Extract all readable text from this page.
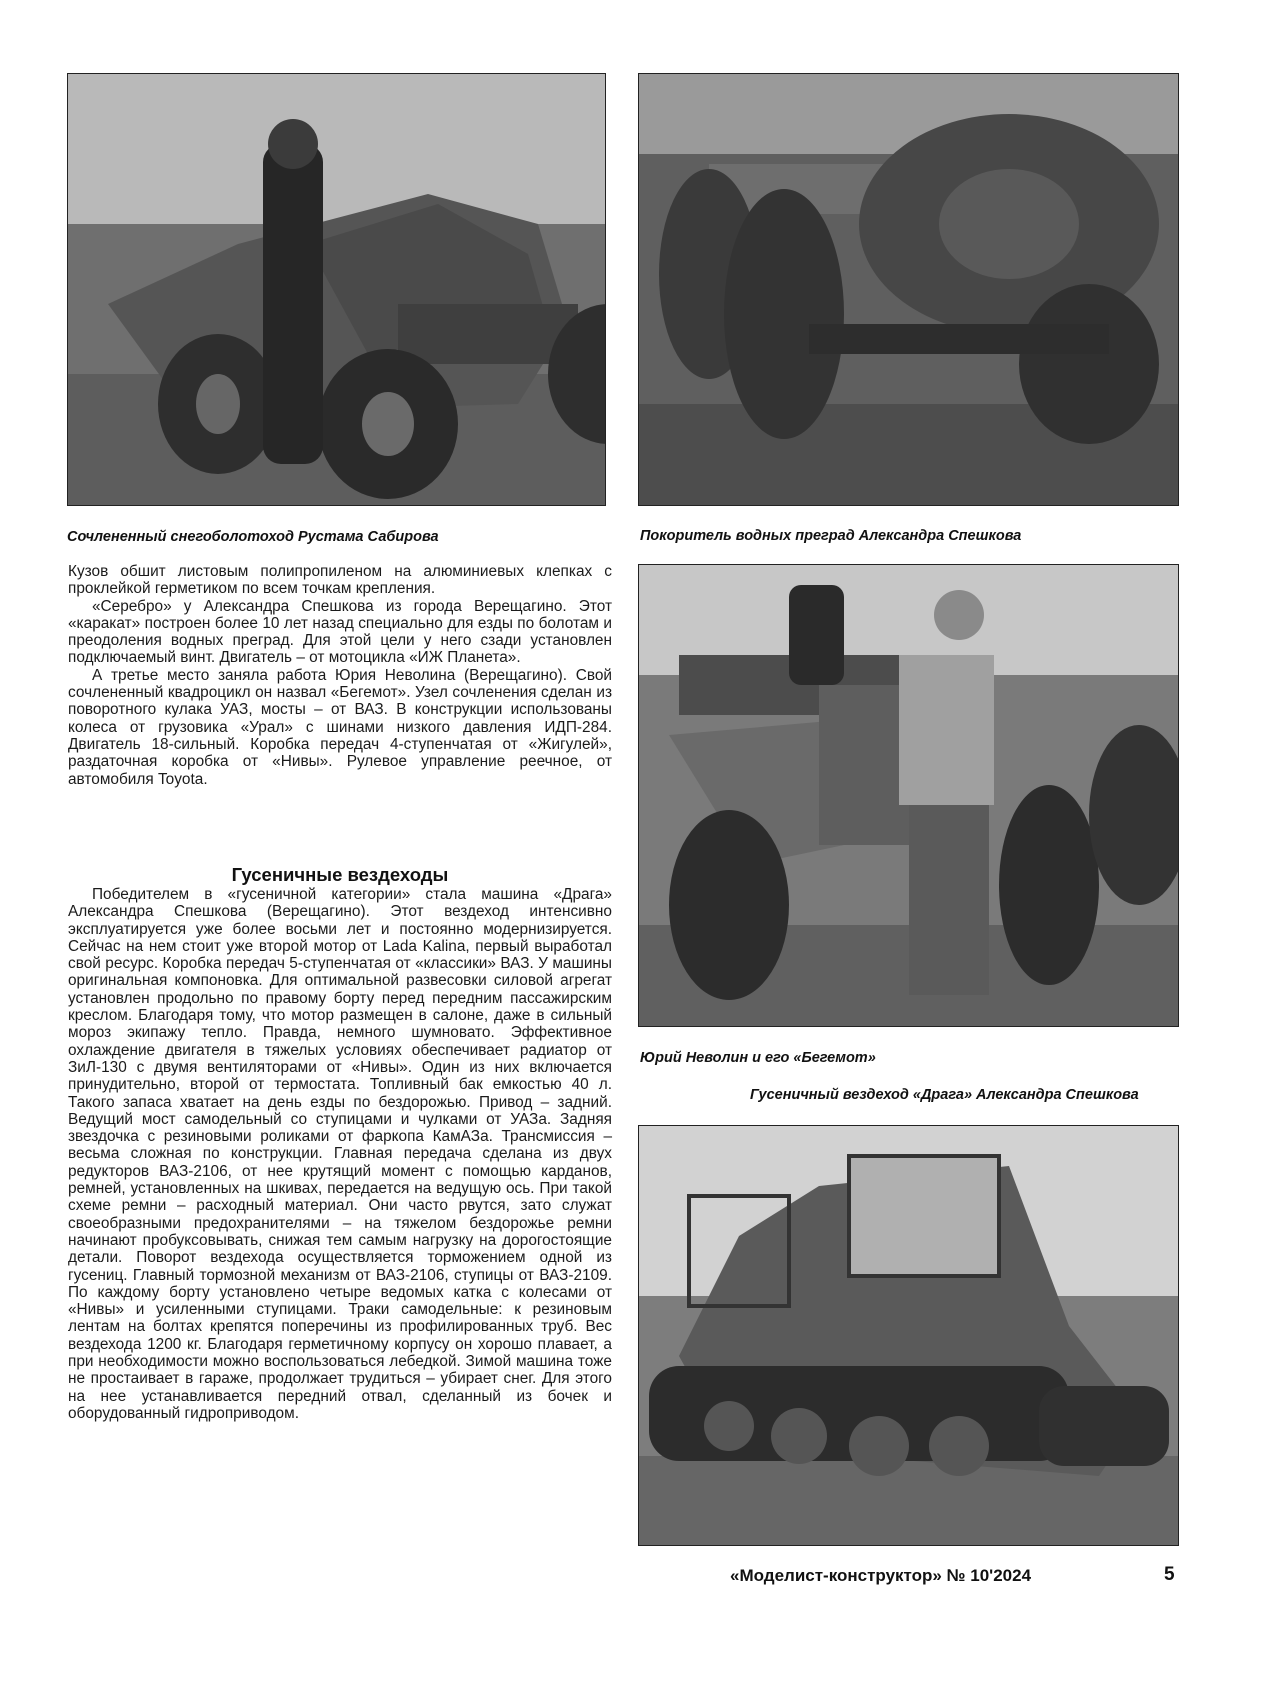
Сочлененный снегоболотоход Рустама Сабирова	Покоритель водных преград Александра Спешкова
Юрий Неволин и его «Бегемот»
Гусеничный вездеход «Драга» Александра Спешкова

Кузов обшит листовым полипропиленом на алюминиевых клепках с проклейкой герметиком по всем точкам крепления.

«Серебро» у Александра Спешкова из города Верещагино. Этот «каракат» построен более 10 лет назад специально для езды по болотам и преодоления водных преград. Для этой цели у него сзади установлен подключаемый винт. Двигатель – от мотоцикла «ИЖ Планета».

А третье место заняла работа Юрия Неволина (Верещагино). Свой сочлененный квадроцикл он назвал «Бегемот». Узел сочленения сделан из поворотного кулака УАЗ, мосты – от ВАЗ. В конструкции использованы колеса от грузовика «Урал» с шинами низкого давления ИДП-284. Двигатель 18-сильный. Коробка передач 4-ступенчатая от «Жигулей», раздаточная коробка от «Нивы». Рулевое управление реечное, от автомобиля Toyota.

Гусеничные вездеходы

Победителем в «гусеничной категории» стала машина «Драга» Александра Спешкова (Верещагино). Этот вездеход интенсивно эксплуатируется уже более восьми лет и постоянно модернизируется. Сейчас на нем стоит уже второй мотор от Lada Kalina, первый выработал свой ресурс. Коробка передач 5-ступенчатая от «классики» ВАЗ. У машины оригинальная компоновка. Для оптимальной развесовки силовой агрегат установлен продольно по правому борту перед передним пассажирским креслом. Благодаря тому, что мотор размещен в салоне, даже в сильный мороз экипажу тепло. Правда, немного шумновато. Эффективное охлаждение двигателя в тяжелых условиях обеспечивает радиатор от ЗиЛ-130 с двумя вентиляторами от «Нивы». Один из них включается принудительно, второй от термостата. Топливный бак емкостью 40 л. Такого запаса хватает на день езды по бездорожью. Привод – задний. Ведущий мост самодельный со ступицами и чулками от УАЗа. Задняя звездочка с резиновыми роликами от фаркопа КамАЗа. Трансмиссия – весьма сложная по конструкции. Главная передача сделана из двух редукторов ВАЗ-2106, от нее крутящий момент с помощью карданов, ремней, установленных на шкивах, передается на ведущую ось. При такой схеме ремни – расходный материал. Они часто рвутся, зато служат своеобразными предохранителями – на тяжелом бездорожье ремни начинают пробуксовывать, снижая тем самым нагрузку на дорогостоящие детали. Поворот вездехода осуществляется торможением одной из гусениц. Главный тормозной механизм от ВАЗ-2106, ступицы от ВАЗ-2109. По каждому борту установлено четыре ведомых катка с колесами от «Нивы» и усиленными ступицами. Траки самодельные: к резиновым лентам на болтах крепятся поперечины из профилированных труб. Вес вездехода 1200 кг. Благодаря герметичному корпусу он хорошо плавает, а при необходимости можно воспользоваться лебедкой. Зимой машина тоже не простаивает в гараже, продолжает трудиться – убирает снег. Для этого на нее устанавливается передний отвал, сделанный из бочек и оборудованный гидроприводом.

«Моделист-конструктор» № 10'2024	5
